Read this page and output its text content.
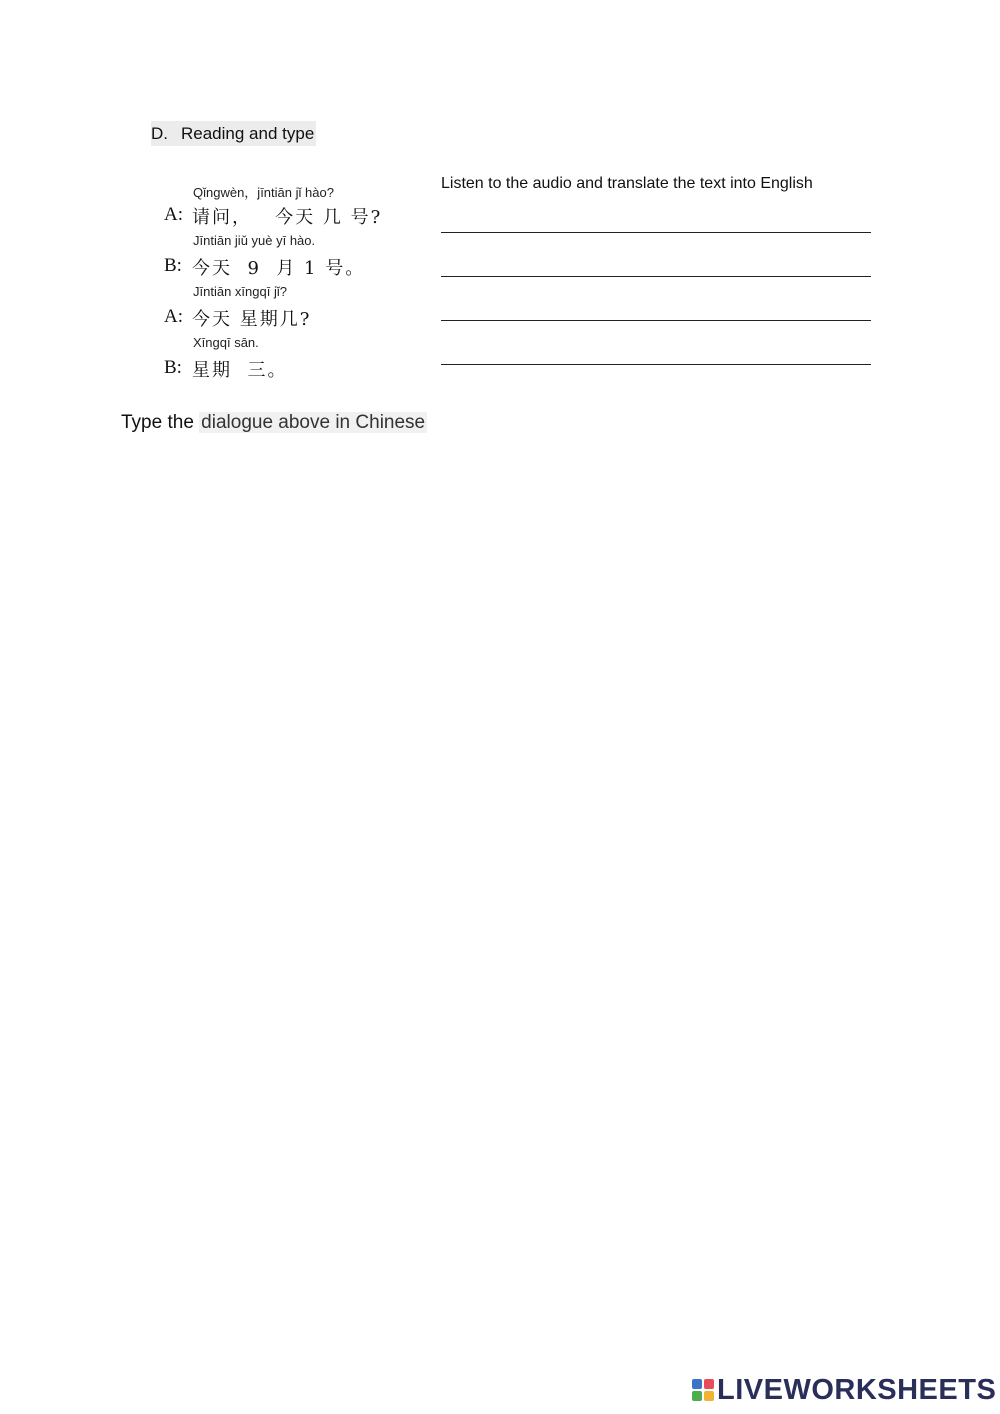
D. Reading and type
Qǐngwèn，jīntiān jǐ hào?
A: 请问，   今天 几 号?
Jīntiān jiǔ yuè yī hào.
B: 今天  9  月 1 号。
Jīntiān xīngqī jǐ?
A: 今天 星期几?
Xīngqī sān.
B: 星期  三。
Listen to the audio and translate the text into English
Type the dialogue above in Chinese
LIVEWORKSHEETS
